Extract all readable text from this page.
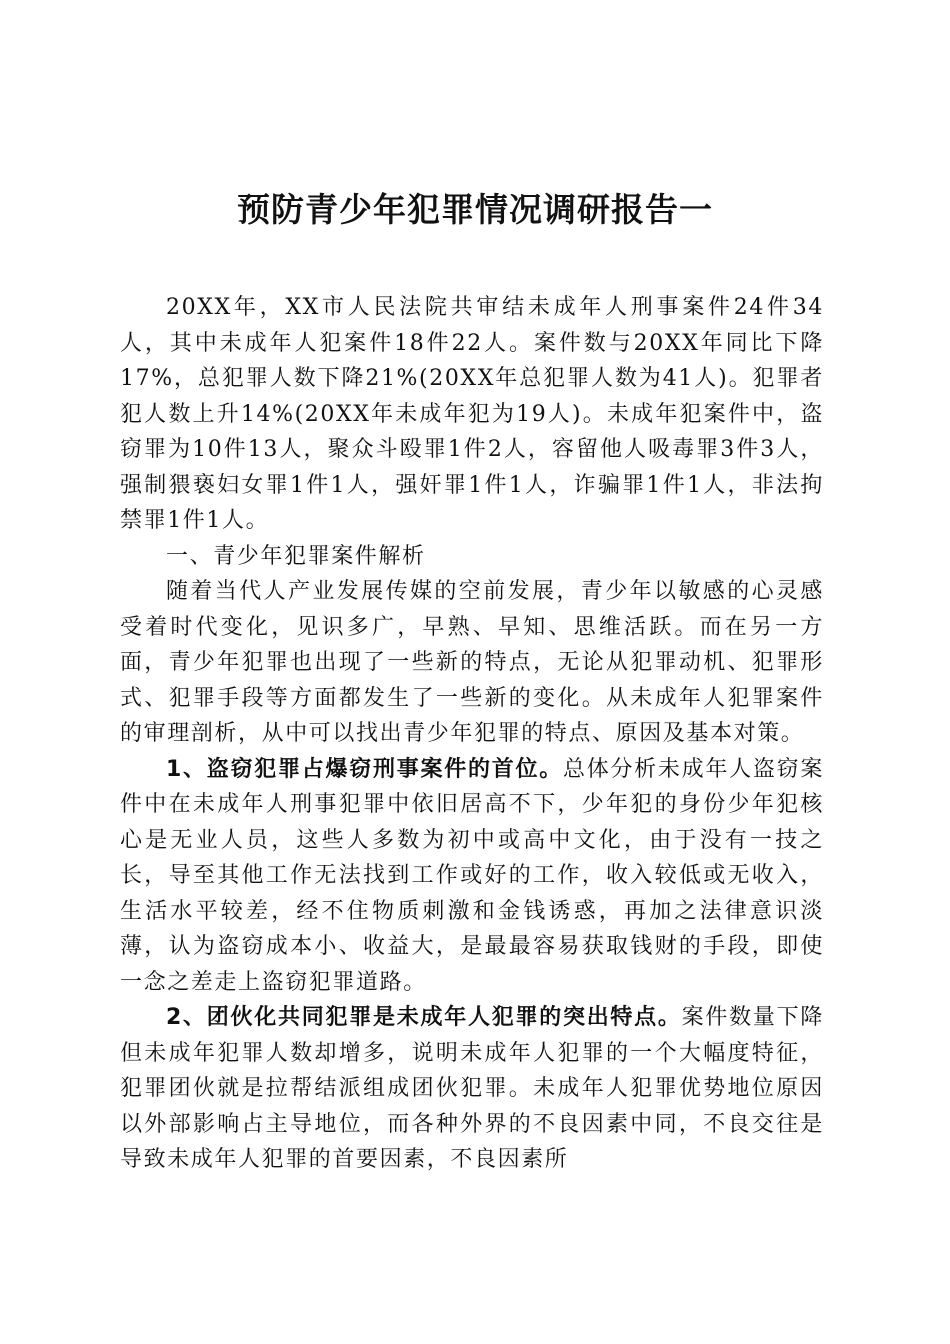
预防青少年犯罪情况调研报告一

20XX年，XX市人民法院共审结未成年人刑事案件24件34人，其中未成年人犯案件18件22人。案件数与20XX年同比下降17%，总犯罪人数下降21%(20XX年总犯罪人数为41人)。犯罪者犯人数上升14%(20XX年未成年犯为19人)。未成年犯案件中，盗窃罪为10件13人，聚众斗殴罪1件2人，容留他人吸毒罪3件3人，强制猥亵妇女罪1件1人，强奸罪1件1人，诈骗罪1件1人，非法拘禁罪1件1人。

一、青少年犯罪案件解析

随着当代人产业发展传媒的空前发展，青少年以敏感的心灵感受着时代变化，见识多广，早熟、早知、思维活跃。而在另一方面，青少年犯罪也出现了一些新的特点，无论从犯罪动机、犯罪形式、犯罪手段等方面都发生了一些新的变化。从未成年人犯罪案件的审理剖析，从中可以找出青少年犯罪的特点、原因及基本对策。

1、盗窃犯罪占爆窃刑事案件的首位。总体分析未成年人盗窃案件中在未成年人刑事犯罪中依旧居高不下，少年犯的身份少年犯核心是无业人员，这些人多数为初中或高中文化，由于没有一技之长，导至其他工作无法找到工作或好的工作，收入较低或无收入，生活水平较差，经不住物质刺激和金钱诱惑，再加之法律意识淡薄，认为盗窃成本小、收益大，是最最容易获取钱财的手段，即使一念之差走上盗窃犯罪道路。

2、团伙化共同犯罪是未成年人犯罪的突出特点。案件数量下降但未成年犯罪人数却增多，说明未成年人犯罪的一个大幅度特征，犯罪团伙就是拉帮结派组成团伙犯罪。未成年人犯罪优势地位原因以外部影响占主导地位，而各种外界的不良因素中同，不良交往是导致未成年人犯罪的首要因素，不良因素所
